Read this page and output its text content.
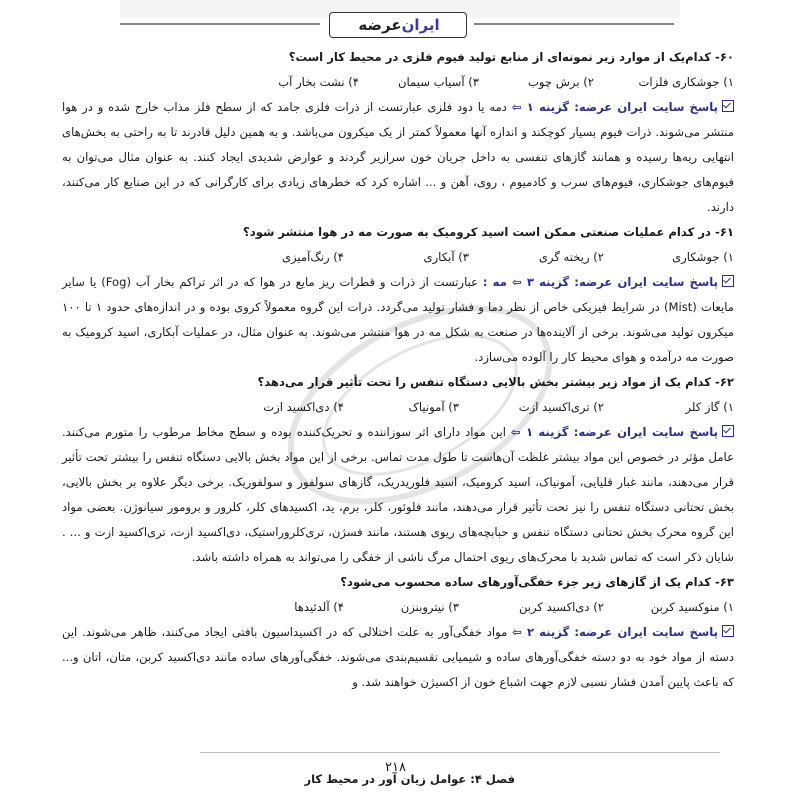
ایران
عرضه

۶۰- کدام‌یک از موارد زیر نمونه‌ای از منابع تولید فیوم فلزی در محیط کار است؟

۱) جوشکاری فلزات
۲) برش چوب
۳) آسیاب سیمان
۴) نشت بخار آب

پاسخ سایت ایران عرضه: گزینه ۱ ⇦ دمه یا دود فلزی عبارتست از ذرات فلزی جامد که از سطح فلز مذاب خارج شده و در هوا منتشر می‌شوند. ذرات فیوم بسیار کوچکند و اندازه آنها معمولاً کمتر از یک میکرون می‌باشد. و به همین دلیل قادرند تا به راحتی به بخش‌های انتهایی ریه‌ها رسیده و همانند گازهای تنفسی به داخل جریان خون سرازیر گردند و عوارض شدیدی ایجاد کنند. به عنوان مثال می‌توان به فیوم‌های جوشکاری، فیوم‌های سرب و کادمیوم ، روی، آهن و ... اشاره کرد که خطرهای زیادی برای کارگرانی که در این صنایع کار می‌کنند، دارند.

۶۱- در کدام عملیات صنعتی ممکن است اسید کرومیک به صورت مه در هوا منتشر شود؟

۱) جوشکاری
۲) ریخته گری
۳) آبکاری
۴) رنگ‌آمیزی

پاسخ سایت ایران عرضه: گزینه ۳ ⇦ مه : عبارتست از ذرات و قطرات ریز مایع در هوا که در اثر تراکم بخار آب (Fog) یا سایر مایعات (Mist) در شرایط فیزیکی خاص از نظر دما و فشار تولید می‌گردد. ذرات این گروه معمولاً کروی بوده و در اندازه‌های حدود ۱ تا ۱۰۰ میکرون تولید می‌شوند. برخی از آلاینده‌ها در صنعت به شکل مه در هوا منتشر می‌شوند. به عنوان مثال، در عملیات آبکاری، اسید کرومیک به صورت مه درآمده و هوای محیط کار را آلوده می‌سازد.

۶۲- کدام یک از مواد زیر بیشتر بخش بالایی دستگاه تنفس را تحت تأثیر قرار می‌دهد؟

۱) گاز کلر
۲) تری‌اکسید ازت
۳) آمونیاک
۴) دی‌اکسید ازت

پاسخ سایت ایران عرضه: گزینه ۱ ⇦ این مواد دارای اثر سوزاننده و تحریک‌کننده بوده و سطح مخاط مرطوب را متورم می‌کنند. عامل مؤثر در خصوص این مواد بیشتر غلظت آن‌هاست تا طول مدت تماس. برخی از این مواد بخش بالایی دستگاه تنفس را بیشتر تحت تأثیر قرار می‌دهند، مانند غبار قلیایی، آمونیاک، اسید کرومیک، اسید فلوریدریک، گازهای سولفور و سولفوریک. برخی دیگر علاوه بر بخش بالایی، بخش تحتانی دستگاه تنفس را نیز تحت تأثیر قرار می‌دهند، مانند فلوئور، کلر، برم، ید، اکسیدهای کلر، کلرور و برومور سیانوژن. بعضی مواد این گروه محرک بخش تحتانی دستگاه تنفس و حبابچه‌های ریوی هستند، مانند فسژن، تری‌کلروراستیک، دی‌اکسید ازت، تری‌اکسید ازت و ... . شایان ذکر است که تماس شدید با محرک‌های ریوی احتمال مرگ ناشی از خفگی را می‌تواند به همراه داشته باشد.

۶۳- کدام یک از گازهای زیر جزء خفگی‌آورهای ساده محسوب می‌شود؟

۱) منوکسید کربن
۲) دی‌اکسید کربن
۳) نیتروبنزن
۴) آلدئیدها

پاسخ سایت ایران عرضه: گزینه ۲ ⇦ مواد خفگی‌آور به علت اختلالی که در اکسیداسیون بافتی ایجاد می‌کنند، ظاهر می‌شوند. این دسته از مواد خود به دو دسته خفگی‌آورهای ساده و شیمیایی تقسیم‌بندی می‌شوند. خفگی‌آورهای ساده مانند دی‌اکسید کربن، متان، اتان و... که باعث پایین آمدن فشار نسبی لازم جهت اشباع خون از اکسیژن خواهند شد. و

۲۱۸
فصل ۴: عوامل زیان آور در محیط کار
